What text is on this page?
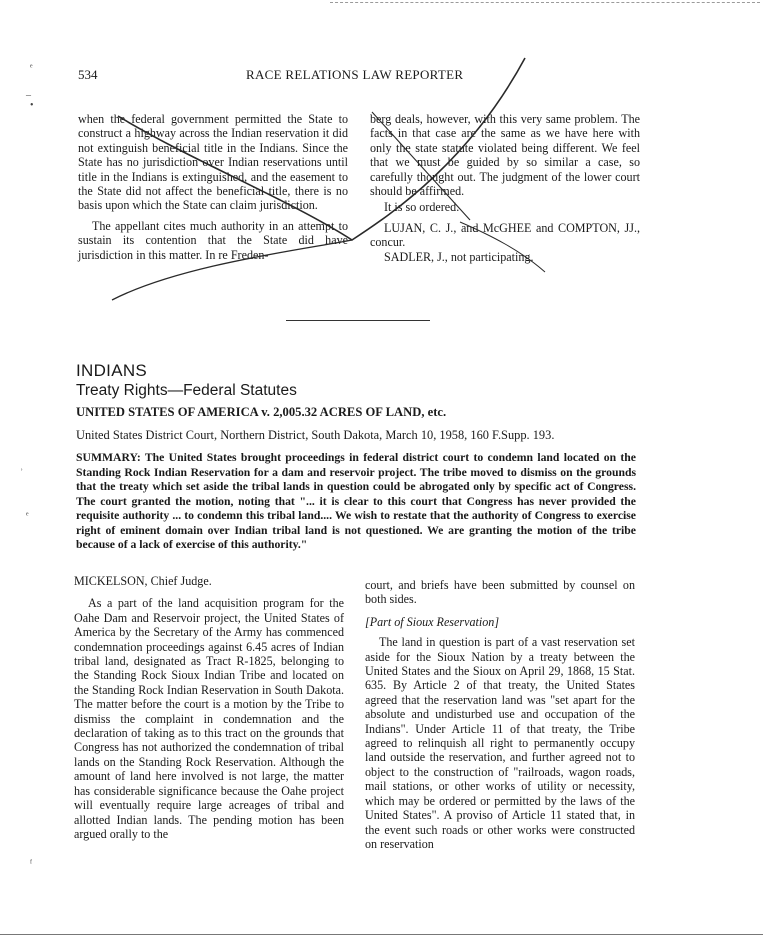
ᵉ
–
•
ʾ
ᵉ
ᶠ
534	RACE RELATIONS LAW REPORTER

when the federal government permitted the State to construct a highway across the Indian reservation it did not extinguish beneficial title in the Indians. Since the State has no jurisdiction over Indian reservations until title in the Indians is extinguished, and the easement to the State did not affect the beneficial title, there is no basis upon which the State can claim jurisdiction.

The appellant cites much authority in an attempt to sustain its contention that the State did have jurisdiction in this matter. In re Freden-

berg deals, however, with this very same problem. The facts in that case are the same as we have here with only the state statute violated being different. We feel that we must be guided by so similar a case, so carefully thought out. The judgment of the lower court should be affirmed.

It is so ordered.

LUJAN, C. J., and McGHEE and COMPTON, JJ., concur.

SADLER, J., not participating.

INDIANS
Treaty Rights—Federal Statutes
UNITED STATES OF AMERICA v. 2,005.32 ACRES OF LAND, etc.
United States District Court, Northern District, South Dakota, March 10, 1958, 160 F.Supp. 193.
SUMMARY: The United States brought proceedings in federal district court to condemn land located on the Standing Rock Indian Reservation for a dam and reservoir project. The tribe moved to dismiss on the grounds that the treaty which set aside the tribal lands in question could be abrogated only by specific act of Congress. The court granted the motion, noting that "... it is clear to this court that Congress has never provided the requisite authority ... to condemn this tribal land.... We wish to restate that the authority of Congress to exercise right of eminent domain over Indian tribal land is not questioned. We are granting the motion of the tribe because of a lack of exercise of this authority."

MICKELSON, Chief Judge.

As a part of the land acquisition program for the Oahe Dam and Reservoir project, the United States of America by the Secretary of the Army has commenced condemnation proceedings against 6.45 acres of Indian tribal land, designated as Tract R-1825, belonging to the Standing Rock Sioux Indian Tribe and located on the Standing Rock Indian Reservation in South Dakota. The matter before the court is a motion by the Tribe to dismiss the complaint in condemnation and the declaration of taking as to this tract on the grounds that Congress has not authorized the condemnation of tribal lands on the Standing Rock Reservation. Although the amount of land here involved is not large, the matter has considerable significance because the Oahe project will eventually require large acreages of tribal and allotted Indian lands. The pending motion has been argued orally to the

court, and briefs have been submitted by counsel on both sides.

[Part of Sioux Reservation]

The land in question is part of a vast reservation set aside for the Sioux Nation by a treaty between the United States and the Sioux on April 29, 1868, 15 Stat. 635. By Article 2 of that treaty, the United States agreed that the reservation land was "set apart for the absolute and undisturbed use and occupation of the Indians". Under Article 11 of that treaty, the Tribe agreed to relinquish all right to permanently occupy land outside the reservation, and further agreed not to object to the construction of "railroads, wagon roads, mail stations, or other works of utility or necessity, which may be ordered or permitted by the laws of the United States". A proviso of Article 11 stated that, in the event such roads or other works were constructed on reservation
